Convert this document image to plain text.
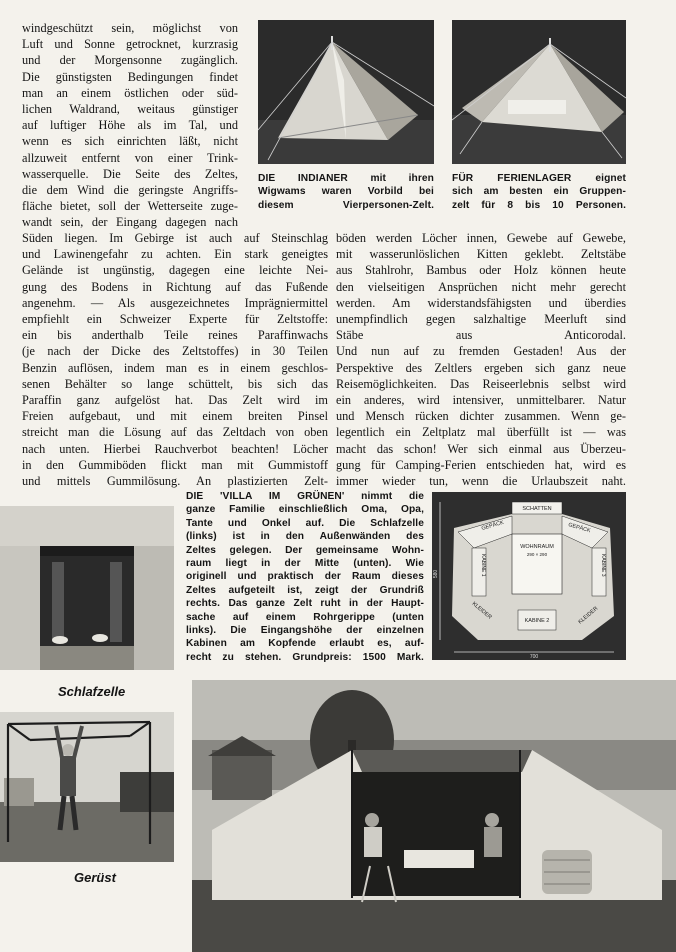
windgeschützt sein, möglichst von

Luft und Sonne getrocknet, kurzrasig

und der Morgensonne zugänglich.

Die günstigsten Bedingungen findet

man an einem östlichen oder süd-

lichen Waldrand, weitaus günstiger

auf luftiger Höhe als im Tal, und

wenn es sich einrichten läßt, nicht

allzuweit entfernt von einer Trink-

wasserquelle. Die Seite des Zeltes,

die dem Wind die geringste Angriffs-

fläche bietet, soll der Wetterseite zuge-

wandt sein, der Eingang dagegen nach

DIE INDIANER mit ihren

Wigwams waren Vorbild bei

diesem Vierpersonen-Zelt.

FÜR FERIENLAGER eignet

sich am besten ein Gruppen-

zelt für 8 bis 10 Personen.

Süden liegen. Im Gebirge ist auch auf Steinschlag

und Lawinengefahr zu achten. Ein stark geneigtes

Gelände ist ungünstig, dagegen eine leichte Nei-

gung des Bodens in Richtung auf das Fußende

angenehm. — Als ausgezeichnetes Imprägniermittel

empfiehlt ein Schweizer Experte für Zeltstoffe:

ein bis anderthalb Teile reines Paraffinwachs

(je nach der Dicke des Zeltstoffes) in 30 Teilen

Benzin auflösen, indem man es in einem geschlos-

senen Behälter so lange schüttelt, bis sich das

Paraffin ganz aufgelöst hat. Das Zelt wird im

Freien aufgebaut, und mit einem breiten Pinsel

streicht man die Lösung auf das Zeltdach von oben

nach unten. Hierbei Rauchverbot beachten! Löcher

in den Gummiböden flickt man mit Gummistoff

und mittels Gummilösung. An plastizierten Zelt-

böden werden Löcher innen, Gewebe auf Gewebe,

mit wasserunlöslichen Kitten geklebt. Zeltstäbe

aus Stahlrohr, Bambus oder Holz können heute

den vielseitigen Ansprüchen nicht mehr gerecht

werden. Am widerstandsfähigsten und überdies

unempfindlich gegen salzhaltige Meerluft sind

Stäbe aus Anticorodal.

Und nun auf zu fremden Gestaden! Aus der

Perspektive des Zeltlers ergeben sich ganz neue

Reisemöglichkeiten. Das Reiseerlebnis selbst wird

ein anderes, wird intensiver, unmittelbarer. Natur

und Mensch rücken dichter zusammen. Wenn ge-

legentlich ein Zeltplatz mal überfüllt ist — was

macht das schon! Wer sich einmal aus Überzeu-

gung für Camping-Ferien entschieden hat, wird es

immer wieder tun, wenn die Urlaubszeit naht.

DIE 'VILLA IM GRÜNEN' nimmt die

ganze Familie einschließlich Oma, Opa,

Tante und Onkel auf. Die Schlafzelle

(links) ist in den Außenwänden des

Zeltes gelegen. Der gemeinsame Wohn-

raum liegt in der Mitte (unten). Wie

originell und praktisch der Raum dieses

Zeltes aufgeteilt ist, zeigt der Grundriß

rechts. Das ganze Zelt ruht in der Haupt-

sache auf einem Rohrgerippe (unten

links). Die Eingangshöhe der einzelnen

Kabinen am Kopfende erlaubt es, auf-

recht zu stehen. Grundpreis: 1500 Mark.

SCHATTEN
GEPÄCK	GEPÄCK
WOHNRAUM
290 × 290
KABINE 1	KABINE 3
KABINE 2
KLEIDER	KLEIDER
580
700
Schlafzelle
Gerüst
